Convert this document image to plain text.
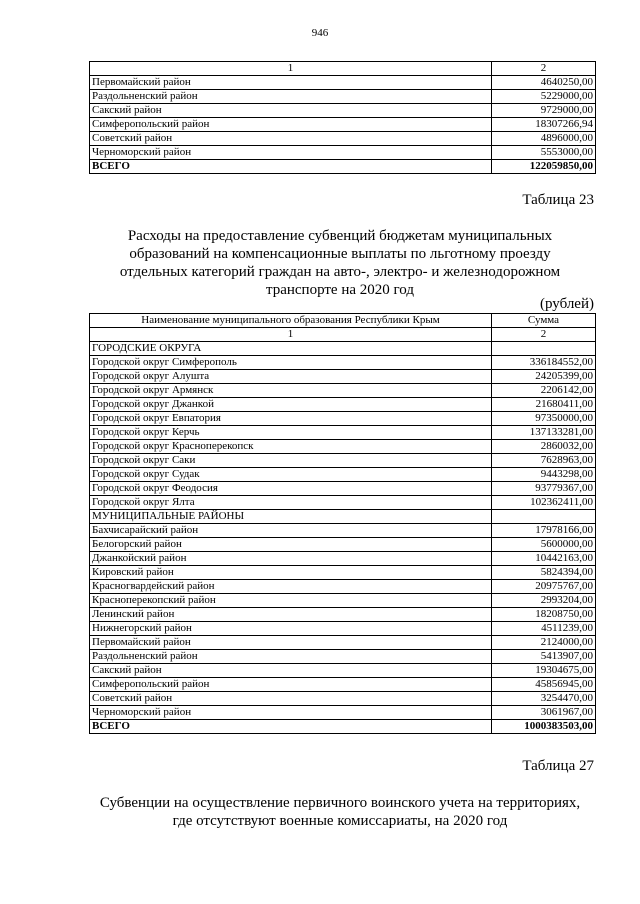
946
1	2
Первомайский район	4640250,00
Раздольненский район	5229000,00
Сакский район	9729000,00
Симферопольский район	18307266,94
Советский район	4896000,00
Черноморский район	5553000,00
ВСЕГО	122059850,00
Таблица 23
Расходы на предоставление субвенций бюджетам муниципальных
образований на компенсационные выплаты по льготному проезду
отдельных категорий граждан на авто-, электро- и железнодорожном
транспорте на 2020 год
(рублей)
Наименование муниципального образования Республики Крым	Сумма
1	2
ГОРОДСКИЕ ОКРУГА	
Городской округ Симферополь	336184552,00
Городской округ Алушта	24205399,00
Городской округ Армянск	2206142,00
Городской округ Джанкой	21680411,00
Городской округ Евпатория	97350000,00
Городской округ Керчь	137133281,00
Городской округ Красноперекопск	2860032,00
Городской округ Саки	7628963,00
Городской округ Судак	9443298,00
Городской округ Феодосия	93779367,00
Городской округ Ялта	102362411,00
МУНИЦИПАЛЬНЫЕ РАЙОНЫ	
Бахчисарайский район	17978166,00
Белогорский район	5600000,00
Джанкойский район	10442163,00
Кировский район	5824394,00
Красногвардейский район	20975767,00
Красноперекопский район	2993204,00
Ленинский район	18208750,00
Нижнегорский район	4511239,00
Первомайский район	2124000,00
Раздольненский район	5413907,00
Сакский район	19304675,00
Симферопольский район	45856945,00
Советский район	3254470,00
Черноморский район	3061967,00
ВСЕГО	1000383503,00
Таблица 27
Субвенции на осуществление первичного воинского учета на территориях,
где отсутствуют военные комиссариаты, на 2020 год
